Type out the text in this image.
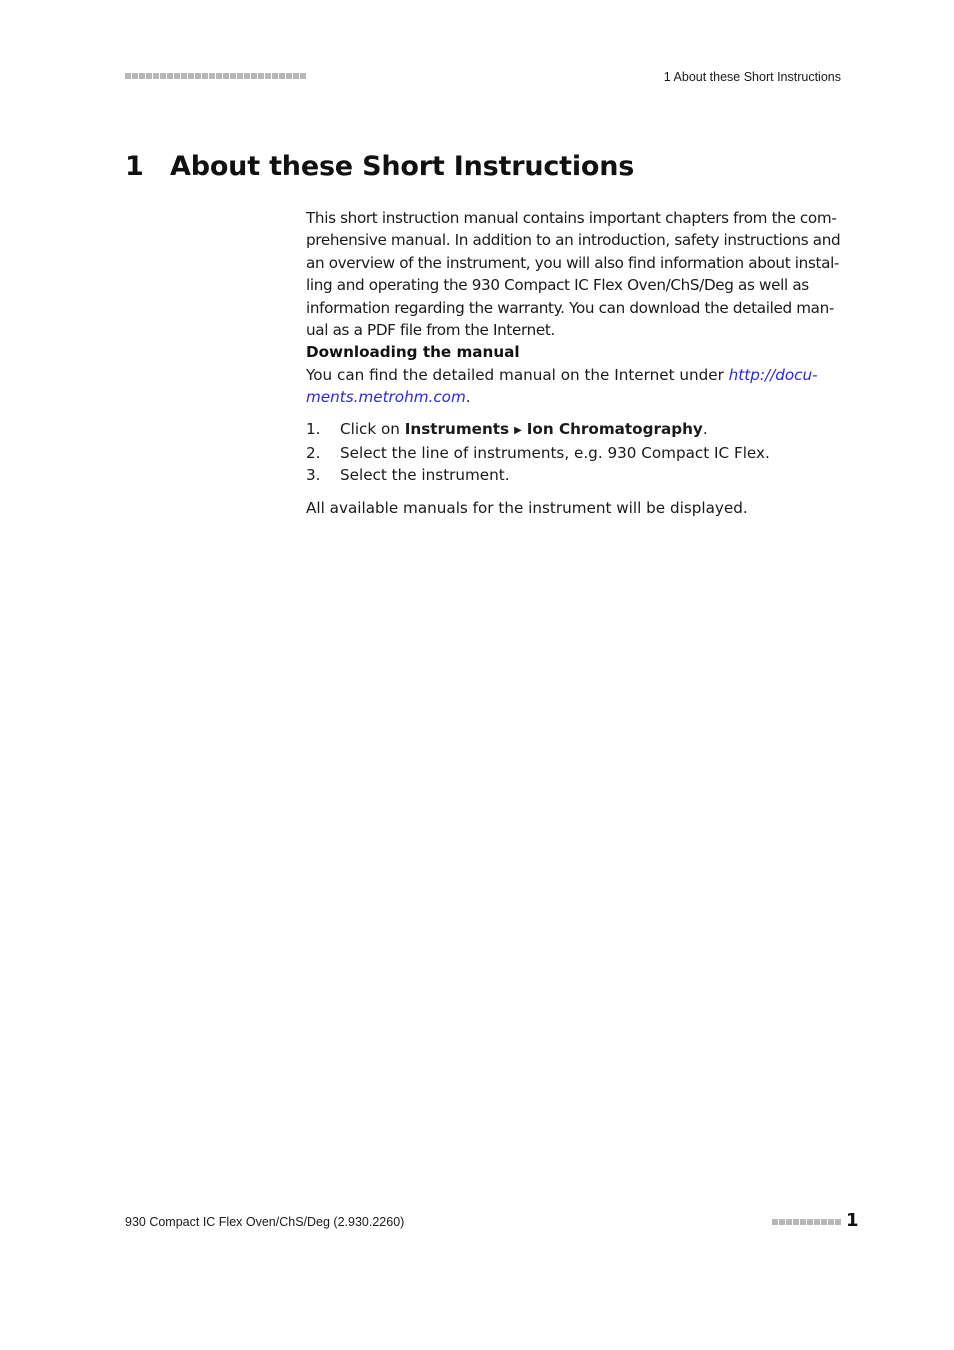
1 About these Short Instructions
1 About these Short Instructions

This short instruction manual contains important chapters from the com-
prehensive manual. In addition to an introduction, safety instructions and
an overview of the instrument, you will also find information about instal-
ling and operating the 930 Compact IC Flex Oven/ChS/Deg as well as
information regarding the warranty. You can download the detailed man-
ual as a PDF file from the Internet.

Downloading the manual

You can find the detailed manual on the Internet under http://docu-
ments.metrohm.com.

1.	Click on Instruments ▶ Ion Chromatography.
2.	Select the line of instruments, e.g. 930 Compact IC Flex.
3.	Select the instrument.

All available manuals for the instrument will be displayed.

930 Compact IC Flex Oven/ChS/Deg (2.930.2260)	1
